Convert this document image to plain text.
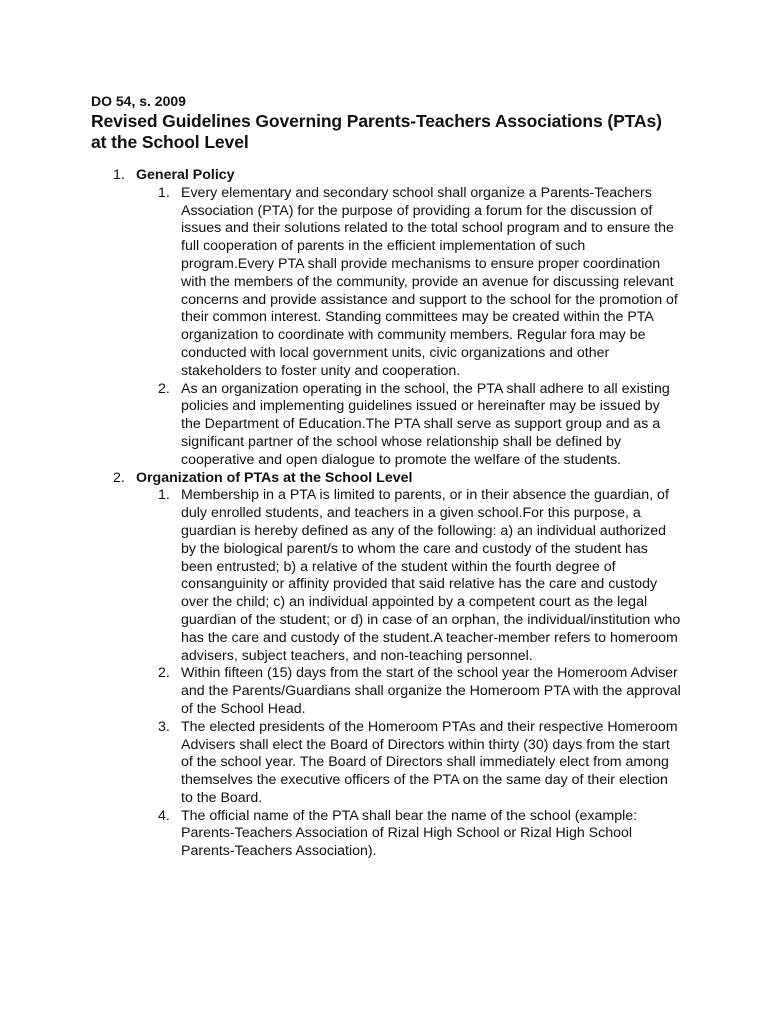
DO 54, s. 2009

Revised Guidelines Governing Parents-Teachers Associations (PTAs)
at the School Level
1. General Policy
1. Every elementary and secondary school shall organize a Parents-Teachers Association (PTA) for the purpose of providing a forum for the discussion of issues and their solutions related to the total school program and to ensure the full cooperation of parents in the efficient implementation of such program.Every PTA shall provide mechanisms to ensure proper coordination with the members of the community, provide an avenue for discussing relevant concerns and provide assistance and support to the school for the promotion of their common interest. Standing committees may be created within the PTA organization to coordinate with community members. Regular fora may be conducted with local government units, civic organizations and other stakeholders to foster unity and cooperation.
2. As an organization operating in the school, the PTA shall adhere to all existing policies and implementing guidelines issued or hereinafter may be issued by the Department of Education.The PTA shall serve as support group and as a significant partner of the school whose relationship shall be defined by cooperative and open dialogue to promote the welfare of the students.
2. Organization of PTAs at the School Level
1. Membership in a PTA is limited to parents, or in their absence the guardian, of duly enrolled students, and teachers in a given school.For this purpose, a guardian is hereby defined as any of the following: a) an individual authorized by the biological parent/s to whom the care and custody of the student has been entrusted; b) a relative of the student within the fourth degree of consanguinity or affinity provided that said relative has the care and custody over the child; c) an individual appointed by a competent court as the legal guardian of the student; or d) in case of an orphan, the individual/institution who has the care and custody of the student.A teacher-member refers to homeroom advisers, subject teachers, and non-teaching personnel.
2. Within fifteen (15) days from the start of the school year the Homeroom Adviser and the Parents/Guardians shall organize the Homeroom PTA with the approval of the School Head.
3. The elected presidents of the Homeroom PTAs and their respective Homeroom Advisers shall elect the Board of Directors within thirty (30) days from the start of the school year. The Board of Directors shall immediately elect from among themselves the executive officers of the PTA on the same day of their election to the Board.
4. The official name of the PTA shall bear the name of the school (example: Parents-Teachers Association of Rizal High School or Rizal High School Parents-Teachers Association).
